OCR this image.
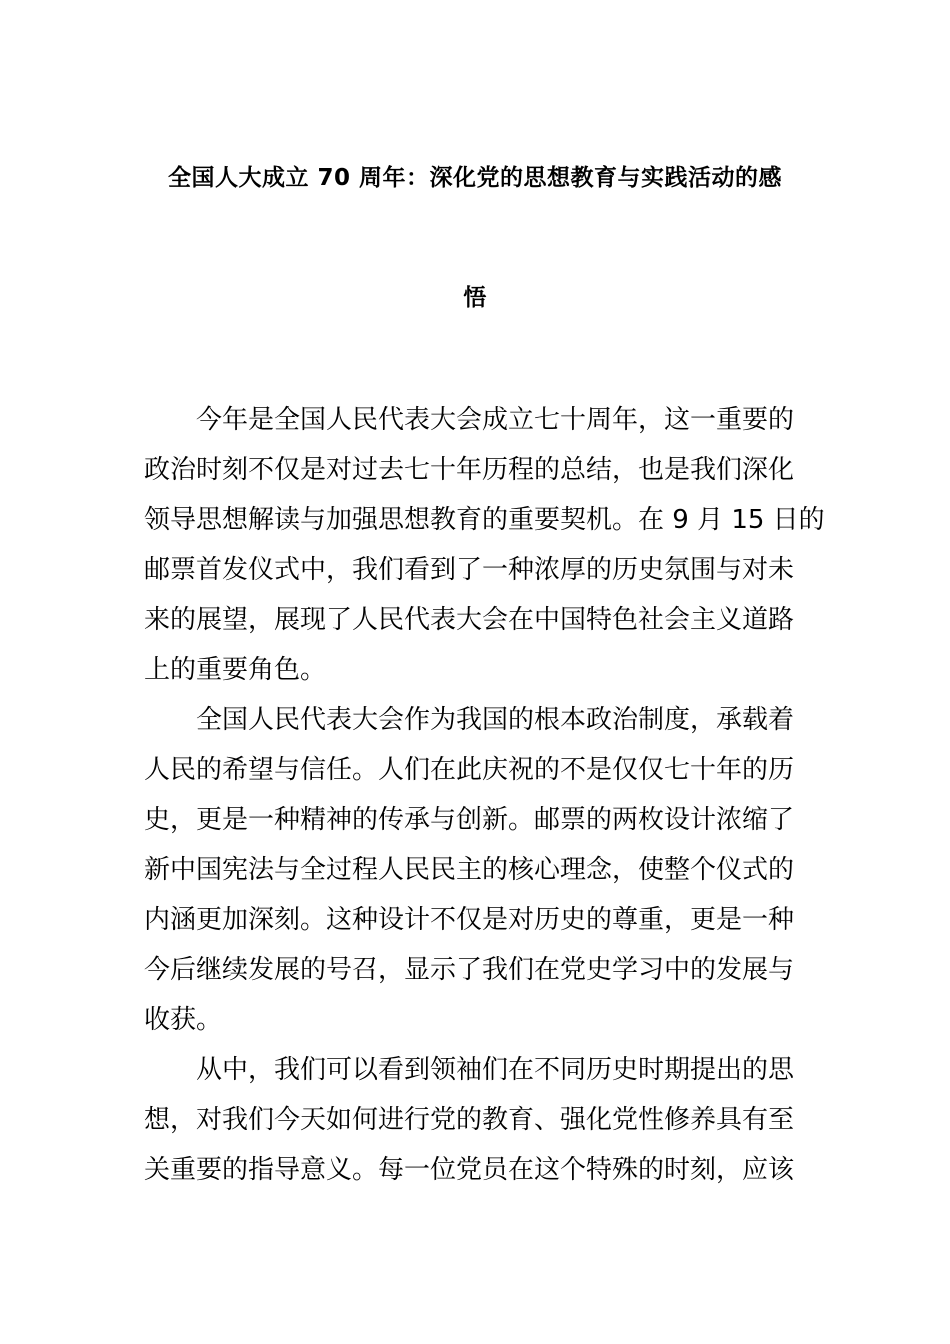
全国人大成立 70 周年：深化党的思想教育与实践活动的感
悟
今年是全国人民代表大会成立七十周年，这一重要的
政治时刻不仅是对过去七十年历程的总结，也是我们深化
领导思想解读与加强思想教育的重要契机。在 9 月 15 日的
邮票首发仪式中，我们看到了一种浓厚的历史氛围与对未
来的展望，展现了人民代表大会在中国特色社会主义道路
上的重要角色。
全国人民代表大会作为我国的根本政治制度，承载着
人民的希望与信任。人们在此庆祝的不是仅仅七十年的历
史，更是一种精神的传承与创新。邮票的两枚设计浓缩了
新中国宪法与全过程人民民主的核心理念，使整个仪式的
内涵更加深刻。这种设计不仅是对历史的尊重，更是一种
今后继续发展的号召，显示了我们在党史学习中的发展与
收获。
从中，我们可以看到领袖们在不同历史时期提出的思
想，对我们今天如何进行党的教育、强化党性修养具有至
关重要的指导意义。每一位党员在这个特殊的时刻，应该
